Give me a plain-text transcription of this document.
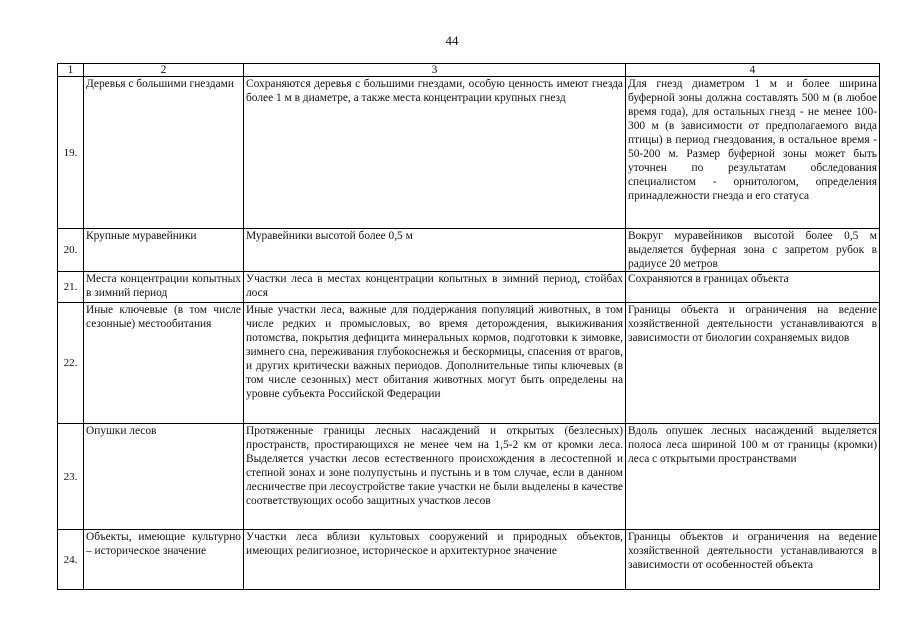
44
1	2	3	4
19.	Деревья с большими гнездами	Сохраняются деревья с большими гнездами, особую ценность имеют гнезда более 1 м в диаметре, а также места концентрации крупных гнезд	Для гнезд диаметром 1 м и более ширина буферной зоны должна составлять 500 м (в любое время года), для остальных гнезд - не менее 100-300 м (в зависимости от предполагаемого вида птицы) в период гнездования, в остальное время - 50-200 м. Размер буферной зоны может быть уточнен по результатам обследования специалистом - орнитологом, определения принадлежности гнезда и его статуса
20.	Крупные муравейники	Муравейники высотой более 0,5 м	Вокруг муравейников высотой более 0,5 м выделяется буферная зона с запретом рубок в радиусе 20 метров
21.	Места концентрации копытных в зимний период	Участки леса в местах концентрации копытных в зимний период, стойбах лося	Сохраняются в границах объекта
22.	Иные ключевые (в том числе сезонные) местообитания	Иные участки леса, важные для поддержания популяций животных, в том числе редких и промысловых, во время деторождения, выкиживания потомства, покрытия дефицита минеральных кормов, подготовки к зимовке, зимнего сна, переживания глубокоснежья и бескормицы, спасения от врагов, и других критически важных периодов. Дополнительные типы ключевых (в том числе сезонных) мест обитания животных могут быть определены на уровне субъекта Российской Федерации	Границы объекта и ограничения на ведение хозяйственной деятельности устанавливаются в зависимости от биологии сохраняемых видов
23.	Опушки лесов	Протяженные границы лесных насаждений и открытых (безлесных) пространств, простирающихся не менее чем на 1,5-2 км от кромки леса. Выделяется участки лесов естественного происхождения в лесостепной и степной зонах и зоне полупустынь и пустынь и в том случае, если в данном лесничестве при лесоустройстве такие участки не были выделены в качестве соответствующих особо защитных участков лесов	Вдоль опушек лесных насаждений выделяется полоса леса шириной 100 м от границы (кромки) леса с открытыми пространствами
24.	Объекты, имеющие культурно – историческое значение	Участки леса вблизи культовых сооружений и природных объектов, имеющих религиозное, историческое и архитектурное значение	Границы объектов и ограничения на ведение хозяйственной деятельности устанавливаются в зависимости от особенностей объекта
